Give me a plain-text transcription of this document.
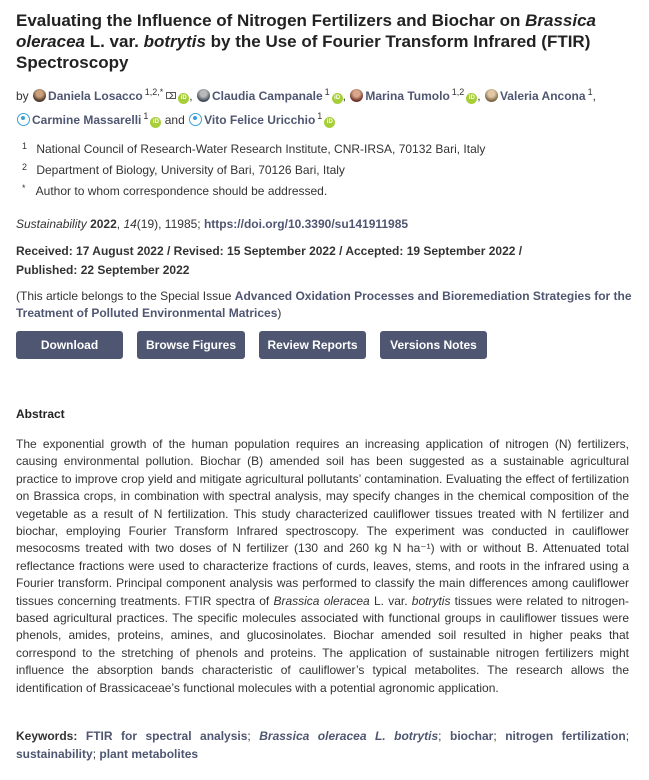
Evaluating the Influence of Nitrogen Fertilizers and Biochar on Brassica oleracea L. var. botrytis by the Use of Fourier Transform Infrared (FTIR) Spectroscopy
by Daniela Losacco $^{1,2,*}$iD , Claudia Campanale $^1$iD , Marina Tumolo $^{1,2}$iD , Valeria Ancona $^1$,
Carmine Massarelli $^1$iD and Vito Felice Uricchio $^1$iD
$^1$ National Council of Research-Water Research Institute, CNR-IRSA, 70132 Bari, Italy
$^2$ Department of Biology, University of Bari, 70126 Bari, Italy
* Author to whom correspondence should be addressed.
Sustainability 2022, 14(19), 11985; https://doi.org/10.3390/su141911985
Received: 17 August 2022 / Revised: 15 September 2022 / Accepted: 19 September 2022 /
Published: 22 September 2022
(This article belongs to the Special Issue Advanced Oxidation Processes and Bioremediation Strategies for the Treatment of Polluted Environmental Matrices)
Download	Browse Figures	Review Reports	Versions Notes
Abstract
The exponential growth of the human population requires an increasing application of nitrogen (N) fertilizers, causing environmental pollution. Biochar (B) amended soil has been suggested as a sustainable agricultural practice to improve crop yield and mitigate agricultural pollutants’ contamination. Evaluating the effect of fertilization on Brassica crops, in combination with spectral analysis, may specify changes in the chemical composition of the vegetable as a result of N fertilization. This study characterized cauliflower tissues treated with N fertilizer and biochar, employing Fourier Transform Infrared spectroscopy. The experiment was conducted in cauliflower mesocosms treated with two doses of N fertilizer (130 and 260 kg N ha⁻¹) with or without B. Attenuated total reflectance fractions were used to characterize fractions of curds, leaves, stems, and roots in the infrared using a Fourier transform. Principal component analysis was performed to classify the main differences among cauliflower tissues concerning treatments. FTIR spectra of Brassica oleracea L. var. botrytis tissues were related to nitrogen-based agricultural practices. The specific molecules associated with functional groups in cauliflower tissues were phenols, amides, proteins, amines, and glucosinolates. Biochar amended soil resulted in higher peaks that correspond to the stretching of phenols and proteins. The application of sustainable nitrogen fertilizers might influence the absorption bands characteristic of cauliflower’s typical metabolites. The research allows the identification of Brassicaceae’s functional molecules with a potential agronomic application.
Keywords: FTIR for spectral analysis; Brassica oleracea L. botrytis; biochar; nitrogen fertilization; sustainability; plant metabolites
